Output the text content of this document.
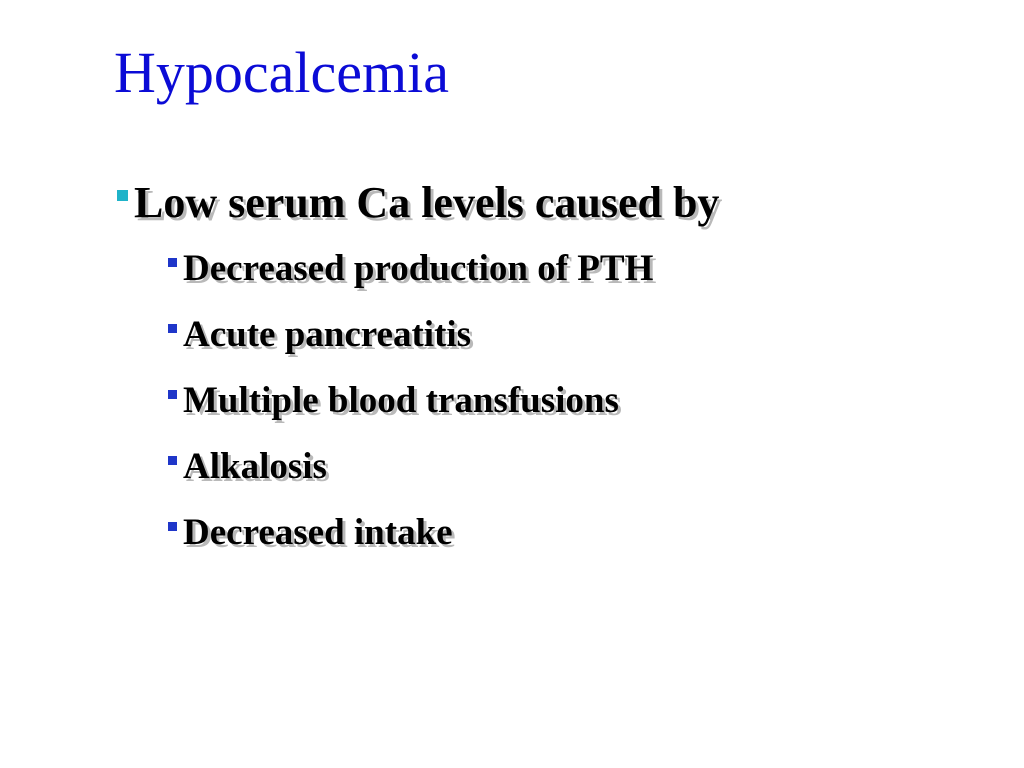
Hypocalcemia
Low serum Ca levels caused by
Decreased production of PTH
Acute pancreatitis
Multiple blood transfusions
Alkalosis
Decreased intake
